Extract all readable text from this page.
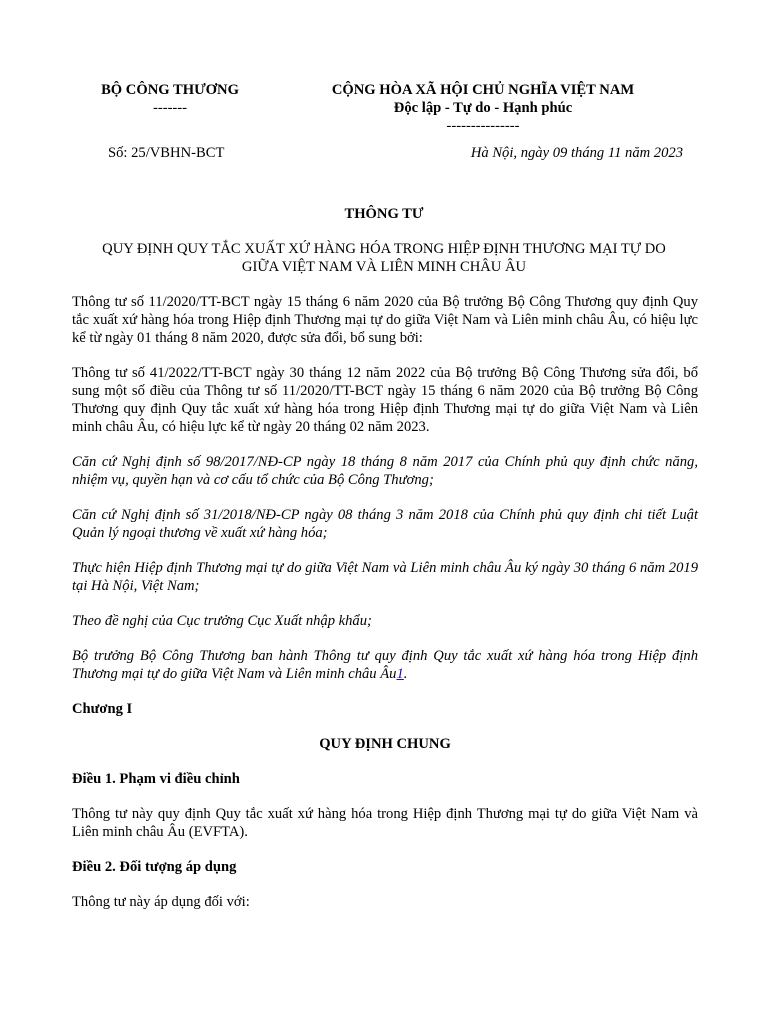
BỘ CÔNG THƯƠNG
-------
CỘNG HÒA XÃ HỘI CHỦ NGHĨA VIỆT NAM
Độc lập - Tự do - Hạnh phúc
---------------
Số: 25/VBHN-BCT	Hà Nội, ngày 09 tháng 11 năm 2023
THÔNG TƯ
QUY ĐỊNH QUY TẮC XUẤT XỨ HÀNG HÓA TRONG HIỆP ĐỊNH THƯƠNG MẠI TỰ DO
GIỮA VIỆT NAM VÀ LIÊN MINH CHÂU ÂU

Thông tư số 11/2020/TT-BCT ngày 15 tháng 6 năm 2020 của Bộ trưởng Bộ Công Thương quy định Quy tắc xuất xứ hàng hóa trong Hiệp định Thương mại tự do giữa Việt Nam và Liên minh châu Âu, có hiệu lực kể từ ngày 01 tháng 8 năm 2020, được sửa đổi, bổ sung bởi:

Thông tư số 41/2022/TT-BCT ngày 30 tháng 12 năm 2022 của Bộ trưởng Bộ Công Thương sửa đổi, bổ sung một số điều của Thông tư số 11/2020/TT-BCT ngày 15 tháng 6 năm 2020 của Bộ trưởng Bộ Công Thương quy định Quy tắc xuất xứ hàng hóa trong Hiệp định Thương mại tự do giữa Việt Nam và Liên minh châu Âu, có hiệu lực kể từ ngày 20 tháng 02 năm 2023.

Căn cứ Nghị định số 98/2017/NĐ-CP ngày 18 tháng 8 năm 2017 của Chính phủ quy định chức năng, nhiệm vụ, quyền hạn và cơ cấu tổ chức của Bộ Công Thương;

Căn cứ Nghị định số 31/2018/NĐ-CP ngày 08 tháng 3 năm 2018 của Chính phủ quy định chi tiết Luật Quản lý ngoại thương về xuất xứ hàng hóa;

Thực hiện Hiệp định Thương mại tự do giữa Việt Nam và Liên minh châu Âu ký ngày 30 tháng 6 năm 2019 tại Hà Nội, Việt Nam;

Theo đề nghị của Cục trưởng Cục Xuất nhập khẩu;

Bộ trưởng Bộ Công Thương ban hành Thông tư quy định Quy tắc xuất xứ hàng hóa trong Hiệp định Thương mại tự do giữa Việt Nam và Liên minh châu Âu1.

Chương I

QUY ĐỊNH CHUNG

Điều 1. Phạm vi điều chỉnh

Thông tư này quy định Quy tắc xuất xứ hàng hóa trong Hiệp định Thương mại tự do giữa Việt Nam và Liên minh châu Âu (EVFTA).

Điều 2. Đối tượng áp dụng

Thông tư này áp dụng đối với:
